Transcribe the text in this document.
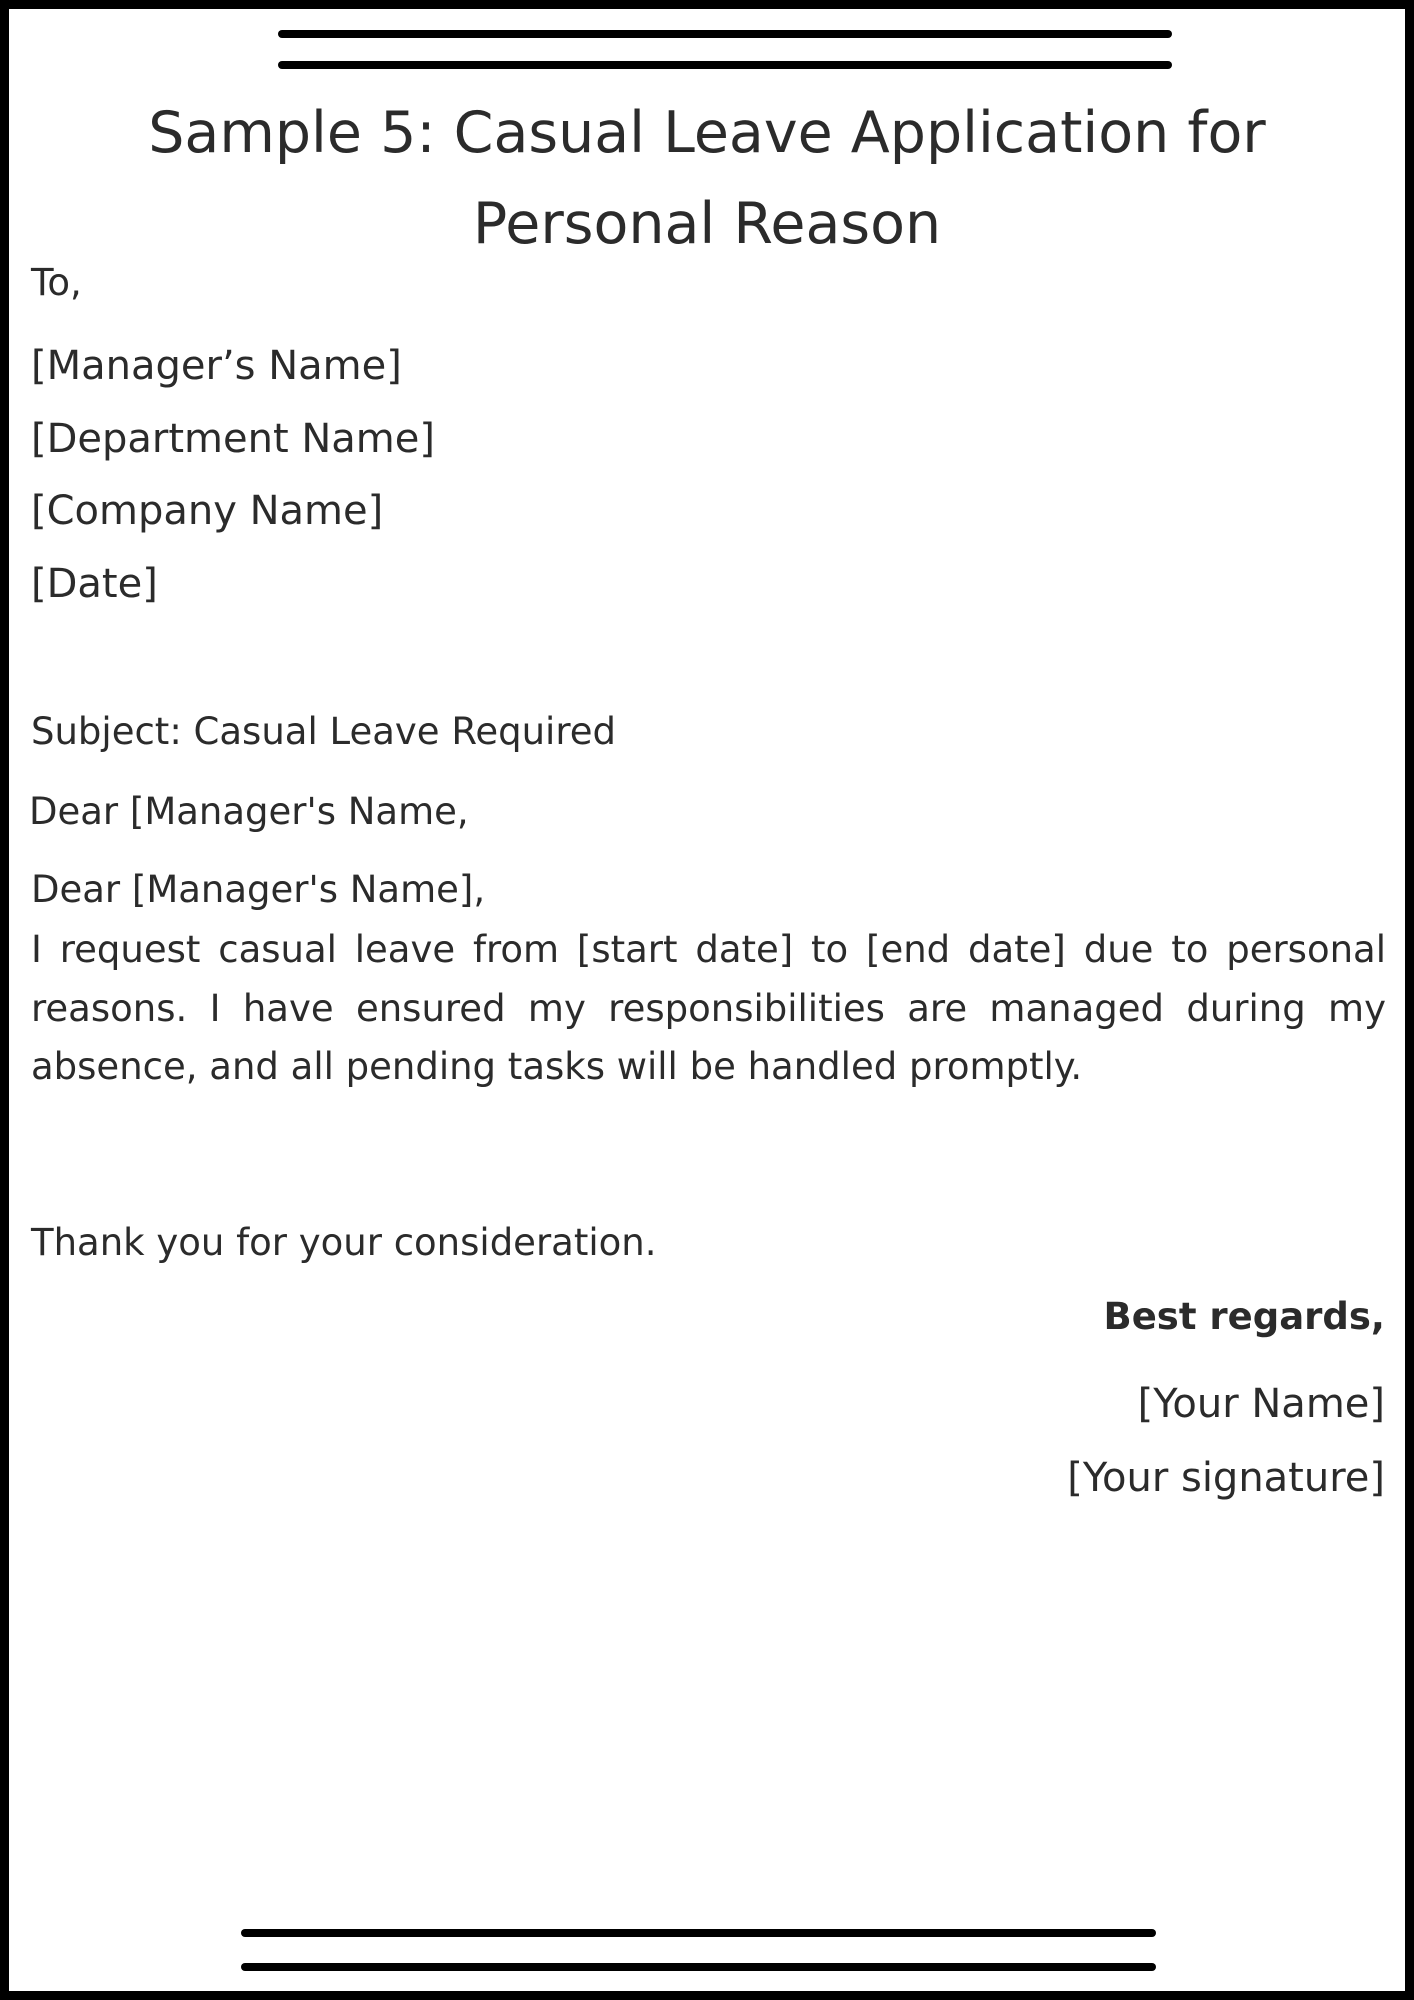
Sample 5: Casual Leave Application for
Personal Reason
To,
[Manager’s Name]
[Department Name]
[Company Name]
[Date]
Subject: Casual Leave Required
Dear [Manager's Name,
Dear [Manager's Name],
I request casual leave from [start date] to [end date] due to personal reasons. I have ensured my responsibilities are managed during my absence, and all pending tasks will be handled promptly.
Thank you for your consideration.
Best regards,
[Your Name]
[Your signature]
